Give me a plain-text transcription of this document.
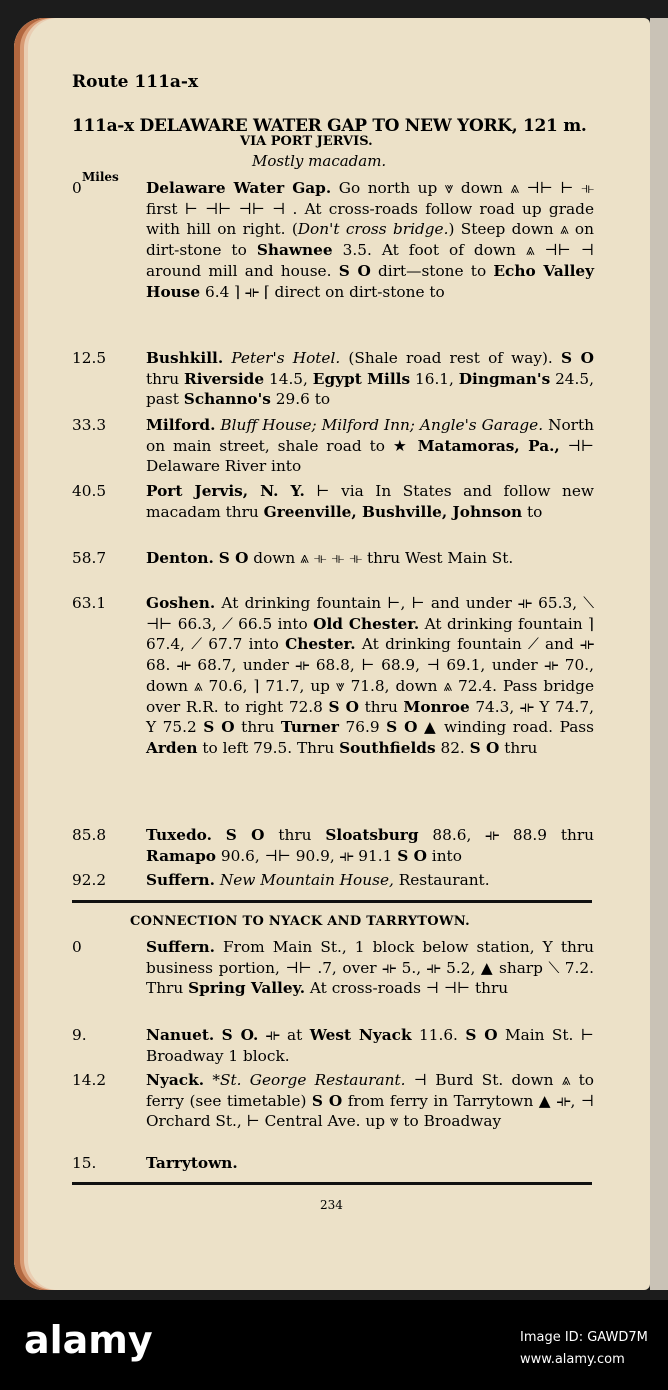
Route 111a-x
111a-x DELAWARE WATER GAP TO NEW YORK, 121 m.
VIA PORT JERVIS.
Miles
Mostly macadam.
0	Delaware Water Gap. Go north up ⩔ down ⩓ ⊣⊢ ⊢ ⟛ first ⊢ ⊣⊢ ⊣⊢ ⊣ . At cross-roads follow road up grade with hill on right. (Don't cross bridge.) Steep down ⩓ on dirt-stone to Shawnee 3.5. At foot of down ⩓ ⊣⊢ ⊣ around mill and house. S O dirt—stone to Echo Valley House 6.4 ⌉ ⟛ ⌈ direct on dirt-stone to
12.5	Bushkill. Peter's Hotel. (Shale road rest of way). S O thru Riverside 14.5, Egypt Mills 16.1, Dingman's 24.5, past Schanno's 29.6 to
33.3	Milford. Bluff House; Milford Inn; Angle's Garage. North on main street, shale road to ★ Matamoras, Pa., ⊣⊢ Delaware River into
40.5	Port Jervis, N. Y. ⊢ via In States and follow new macadam thru Greenville, Bushville, Johnson to
58.7	Denton. S O down ⩓ ⟛ ⟛ ⟛ thru West Main St.
63.1	Goshen. At drinking fountain ⊢, ⊢ and under ⟛ 65.3, ⟍ ⊣⊢ 66.3, ⟋ 66.5 into Old Chester. At drinking fountain ⌉ 67.4, ⟋ 67.7 into Chester. At drinking fountain ⟋ and ⟛ 68. ⟛ 68.7, under ⟛ 68.8, ⊢ 68.9, ⊣ 69.1, under ⟛ 70., down ⩓ 70.6, ⌉ 71.7, up ⩔ 71.8, down ⩓ 72.4. Pass bridge over R.R. to right 72.8 S O thru Monroe 74.3, ⟛ Y 74.7, Y 75.2 S O thru Turner 76.9 S O ▲ winding road. Pass Arden to left 79.5. Thru Southfields 82. S O thru
85.8	Tuxedo. S O thru Sloatsburg 88.6, ⟛ 88.9 thru Ramapo 90.6, ⊣⊢ 90.9, ⟛ 91.1 S O into
92.2	Suffern. New Mountain House, Restaurant.
CONNECTION TO NYACK AND TARRYTOWN.
0	Suffern. From Main St., 1 block below station, Y thru business portion, ⊣⊢ .7, over ⟛ 5., ⟛ 5.2, ▲ sharp ⟍ 7.2. Thru Spring Valley. At cross-roads ⊣ ⊣⊢ thru
9.	Nanuet. S O. ⟛ at West Nyack 11.6. S O Main St. ⊢ Broadway 1 block.
14.2	Nyack. *St. George Restaurant. ⊣ Burd St. down ⩓ to ferry (see timetable) S O from ferry in Tarrytown ▲ ⟛, ⊣ Orchard St., ⊢ Central Ave. up ⩔ to Broadway
15.	Tarrytown.
234
alamy	Image ID: GAWD7M
www.alamy.com
